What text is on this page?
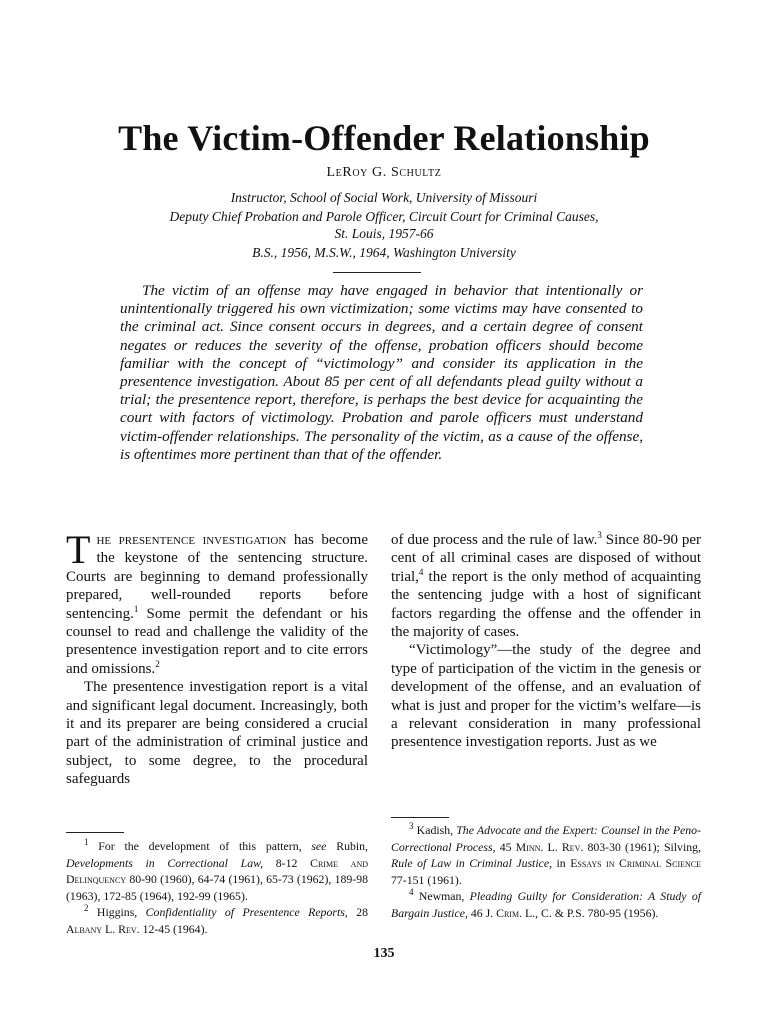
The Victim-Offender Relationship
LeRoy G. Schultz
Instructor, School of Social Work, University of Missouri
Deputy Chief Probation and Parole Officer, Circuit Court for Criminal Causes,
St. Louis, 1957-66
B.S., 1956, M.S.W., 1964, Washington University

The victim of an offense may have engaged in behavior that intentionally or unintentionally triggered his own victimization; some victims may have consented to the criminal act. Since consent occurs in degrees, and a certain degree of consent negates or reduces the severity of the offense, probation officers should become familiar with the concept of “victimology” and consider its application in the presentence investigation. About 85 per cent of all defendants plead guilty without a trial; the presentence report, therefore, is perhaps the best device for acquainting the court with factors of victimology. Probation and parole officers must understand victim-offender relationships. The personality of the victim, as a cause of the offense, is oftentimes more pertinent than that of the offender.

The presentence investigation has become the keystone of the sentencing structure. Courts are beginning to demand professionally prepared, well-rounded reports before sentencing.$^1$ Some permit the defendant or his counsel to read and challenge the validity of the presentence investigation report and to cite errors and omissions.$^2$

The presentence investigation report is a vital and significant legal document. Increasingly, both it and its preparer are being considered a crucial part of the administration of criminal justice and subject, to some degree, to the procedural safeguards

of due process and the rule of law.$^3$ Since 80-90 per cent of all criminal cases are disposed of without trial,$^4$ the report is the only method of acquainting the sentencing judge with a host of significant factors regarding the offense and the offender in the majority of cases.

“Victimology”—the study of the degree and type of participation of the victim in the genesis or development of the offense, and an evaluation of what is just and proper for the victim’s welfare—is a relevant consideration in many professional presentence investigation reports. Just as we

$^1$ For the development of this pattern, see Rubin, Developments in Correctional Law, 8-12 Crime and Delinquency 80-90 (1960), 64-74 (1961), 65-73 (1962), 189-98 (1963), 172-85 (1964), 192-99 (1965).

$^2$ Higgins, Confidentiality of Presentence Reports, 28 Albany L. Rev. 12-45 (1964).

$^3$ Kadish, The Advocate and the Expert: Counsel in the Peno-Correctional Process, 45 Minn. L. Rev. 803-30 (1961); Silving, Rule of Law in Criminal Justice, in Essays in Criminal Science 77-151 (1961).

$^4$ Newman, Pleading Guilty for Consideration: A Study of Bargain Justice, 46 J. Crim. L., C. & P.S. 780-95 (1956).

135
